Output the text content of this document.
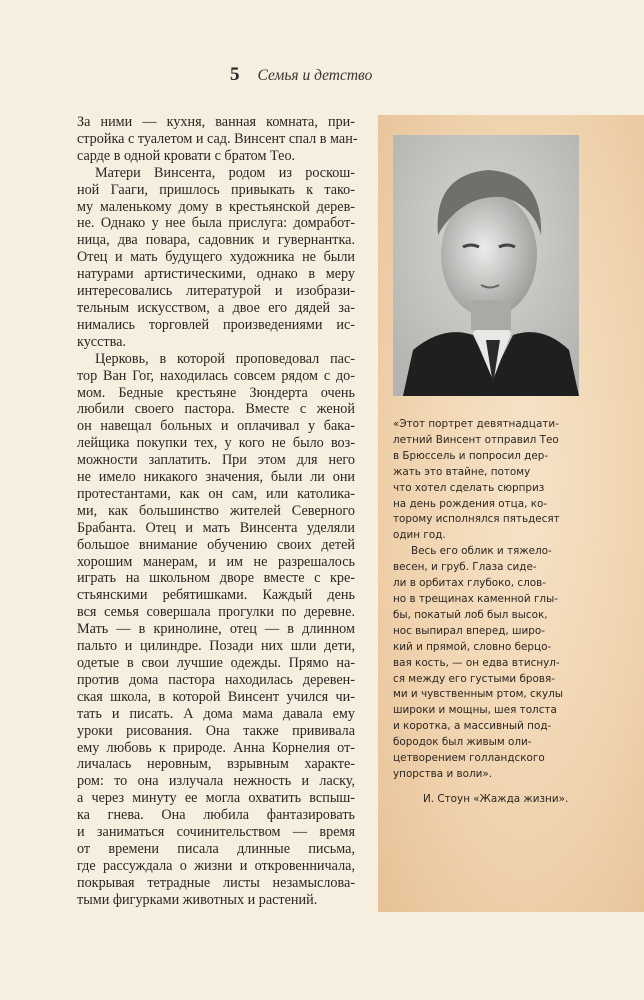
5 Семья и детство
За ними — кухня, ванная комната, при-
стройка с туалетом и сад. Винсент спал в ман-
сарде в одной кровати с братом Тео.
Матери Винсента, родом из роскош-
ной Гааги, пришлось привыкать к тако-
му маленькому дому в крестьянской дерев-
не. Однако у нее была прислуга: домработ-
ница, два повара, садовник и гувернантка.
Отец и мать будущего художника не были
натурами артистическими, однако в меру
интересовались литературой и изобрази-
тельным искусством, а двое его дядей за-
нимались торговлей произведениями ис-
кусства.
Церковь, в которой проповедовал пас-
тор Ван Гог, находилась совсем рядом с до-
мом. Бедные крестьяне Зюндерта очень
любили своего пастора. Вместе с женой
он навещал больных и оплачивал у бака-
лейщика покупки тех, у кого не было воз-
можности заплатить. При этом для него
не имело никакого значения, были ли они
протестантами, как он сам, или католика-
ми, как большинство жителей Северного
Брабанта. Отец и мать Винсента уделяли
большое внимание обучению своих детей
хорошим манерам, и им не разрешалось
играть на школьном дворе вместе с кре-
стьянскими ребятишками. Каждый день
вся семья совершала прогулки по деревне.
Мать — в кринолине, отец — в длинном
пальто и цилиндре. Позади них шли дети,
одетые в свои лучшие одежды. Прямо на-
против дома пастора находилась деревен-
ская школа, в которой Винсент учился чи-
тать и писать. А дома мама давала ему
уроки рисования. Она также прививала
ему любовь к природе. Анна Корнелия от-
личалась неровным, взрывным характе-
ром: то она излучала нежность и ласку,
а через минуту ее могла охватить вспыш-
ка гнева. Она любила фантазировать
и заниматься сочинительством — время
от времени писала длинные письма,
где рассуждала о жизни и откровенничала,
покрывая тетрадные листы незамыслова-
тыми фигурками животных и растений.
«Этот портрет девятнадцати-
летний Винсент отправил Тео
в Брюссель и попросил дер-
жать это втайне, потому
что хотел сделать сюрприз
на день рождения отца, ко-
торому исполнялся пятьдесят
один год.
Весь его облик и тяжело-
весен, и груб. Глаза сиде-
ли в орбитах глубоко, слов-
но в трещинах каменной глы-
бы, покатый лоб был высок,
нос выпирал вперед, широ-
кий и прямой, словно берцо-
вая кость, — он едва втиснул-
ся между его густыми бровя-
ми и чувственным ртом, скулы
широки и мощны, шея толста
и коротка, а массивный под-
бородок был живым оли-
цетворением голландского
упорства и воли».
И. Стоун «Жажда жизни».
